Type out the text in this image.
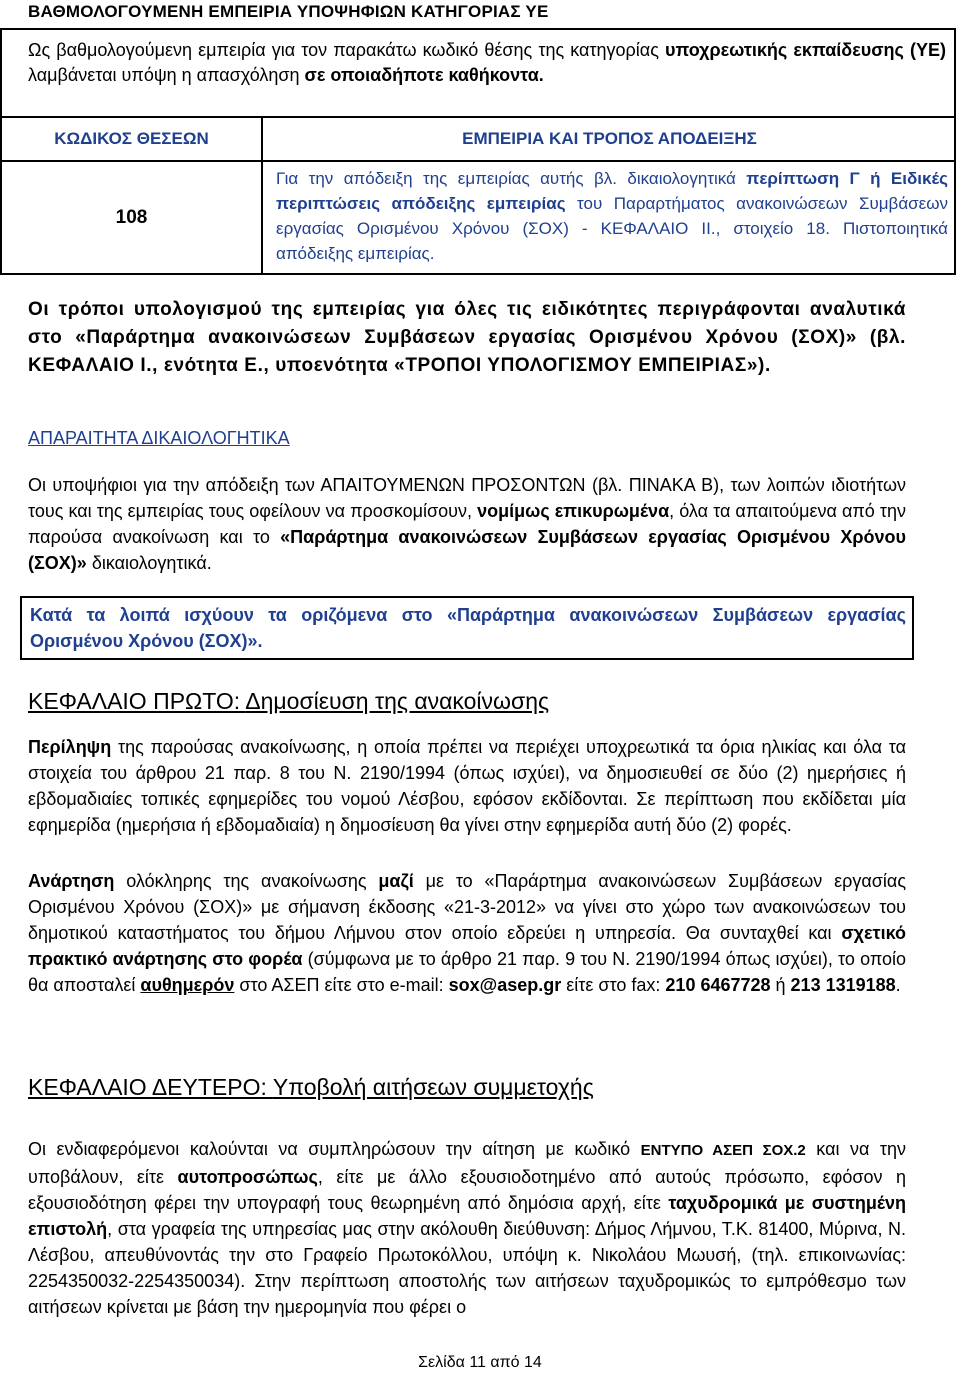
ΒΑΘΜΟΛΟΓΟΥΜΕΝΗ ΕΜΠΕΙΡΙΑ ΥΠΟΨΗΦΙΩΝ ΚΑΤΗΓΟΡΙΑΣ ΥΕ
Ως βαθμολογούμενη εμπειρία για τον παρακάτω κωδικό θέσης της κατηγορίας υποχρεωτικής εκπαίδευσης (ΥΕ) λαμβάνεται υπόψη η απασχόληση σε οποιαδήποτε καθήκοντα.
ΚΩΔΙΚΟΣ ΘΕΣΕΩΝ	ΕΜΠΕΙΡΙΑ ΚΑΙ ΤΡΟΠΟΣ ΑΠΟΔΕΙΞΗΣ
108
Για την απόδειξη της εμπειρίας αυτής βλ. δικαιολογητικά περίπτωση Γ ή Ειδικές περιπτώσεις απόδειξης εμπειρίας του Παραρτήματος ανακοινώσεων Συμβάσεων εργασίας Ορισμένου Χρόνου (ΣΟΧ) - ΚΕΦΑΛΑΙΟ ΙΙ., στοιχείο 18. Πιστοποιητικά απόδειξης εμπειρίας.
Οι τρόποι υπολογισμού της εμπειρίας για όλες τις ειδικότητες περιγράφονται αναλυτικά στο «Παράρτημα ανακοινώσεων Συμβάσεων εργασίας Ορισμένου Χρόνου (ΣΟΧ)» (βλ. ΚΕΦΑΛΑΙΟ Ι., ενότητα Ε., υποενότητα «ΤΡΟΠΟΙ ΥΠΟΛΟΓΙΣΜΟΥ ΕΜΠΕΙΡΙΑΣ»).
ΑΠΑΡΑΙΤΗΤΑ ΔΙΚΑΙΟΛΟΓΗΤΙΚΑ
Οι υποψήφιοι για την απόδειξη των ΑΠΑΙΤΟΥΜΕΝΩΝ ΠΡΟΣΟΝΤΩΝ (βλ. ΠΙΝΑΚΑ Β), των λοιπών ιδιοτήτων τους και της εμπειρίας τους οφείλουν να προσκομίσουν, νομίμως επικυρωμένα, όλα τα απαιτούμενα από την παρούσα ανακοίνωση και το «Παράρτημα ανακοινώσεων Συμβάσεων εργασίας Ορισμένου Χρόνου (ΣΟΧ)» δικαιολογητικά.
Κατά τα λοιπά ισχύουν τα οριζόμενα στο «Παράρτημα ανακοινώσεων Συμβάσεων εργασίας Ορισμένου Χρόνου (ΣΟΧ)».
ΚΕΦΑΛΑΙΟ ΠΡΩΤΟ: Δημοσίευση της ανακοίνωσης
Περίληψη της παρούσας ανακοίνωσης, η οποία πρέπει να περιέχει υποχρεωτικά τα όρια ηλικίας και όλα τα στοιχεία του άρθρου 21 παρ. 8 του Ν. 2190/1994 (όπως ισχύει), να δημοσιευθεί σε δύο (2) ημερήσιες ή εβδομαδιαίες τοπικές εφημερίδες του νομού Λέσβου, εφόσον εκδίδονται. Σε περίπτωση που εκδίδεται μία εφημερίδα (ημερήσια ή εβδομαδιαία) η δημοσίευση θα γίνει στην εφημερίδα αυτή δύο (2) φορές.
Ανάρτηση ολόκληρης της ανακοίνωσης μαζί με το «Παράρτημα ανακοινώσεων Συμβάσεων εργασίας Ορισμένου Χρόνου (ΣΟΧ)» με σήμανση έκδοσης «21-3-2012» να γίνει στο χώρο των ανακοινώσεων του δημοτικού καταστήματος του δήμου Λήμνου στον οποίο εδρεύει η υπηρεσία. Θα συνταχθεί και σχετικό πρακτικό ανάρτησης στο φορέα (σύμφωνα με το άρθρο 21 παρ. 9 του Ν. 2190/1994 όπως ισχύει), το οποίο θα αποσταλεί αυθημερόν στο ΑΣΕΠ είτε στο e-mail: sox@asep.gr είτε στο fax: 210 6467728 ή 213 1319188.
ΚΕΦΑΛΑΙΟ ΔΕΥΤΕΡΟ: Υποβολή αιτήσεων συμμετοχής
Οι ενδιαφερόμενοι καλούνται να συμπληρώσουν την αίτηση με κωδικό ΕΝΤΥΠΟ ΑΣΕΠ ΣΟΧ.2 και να την υποβάλουν, είτε αυτοπροσώπως, είτε με άλλο εξουσιοδοτημένο από αυτούς πρόσωπο, εφόσον η εξουσιοδότηση φέρει την υπογραφή τους θεωρημένη από δημόσια αρχή, είτε ταχυδρομικά με συστημένη επιστολή, στα γραφεία της υπηρεσίας μας στην ακόλουθη διεύθυνση: Δήμος Λήμνου, Τ.Κ. 81400, Μύρινα, Ν. Λέσβου, απευθύνοντάς την στο Γραφείο Πρωτοκόλλου, υπόψη κ. Νικολάου Μωυσή, (τηλ. επικοινωνίας: 2254350032-2254350034). Στην περίπτωση αποστολής των αιτήσεων ταχυδρομικώς το εμπρόθεσμο των αιτήσεων κρίνεται με βάση την ημερομηνία που φέρει ο
Σελίδα 11 από 14
